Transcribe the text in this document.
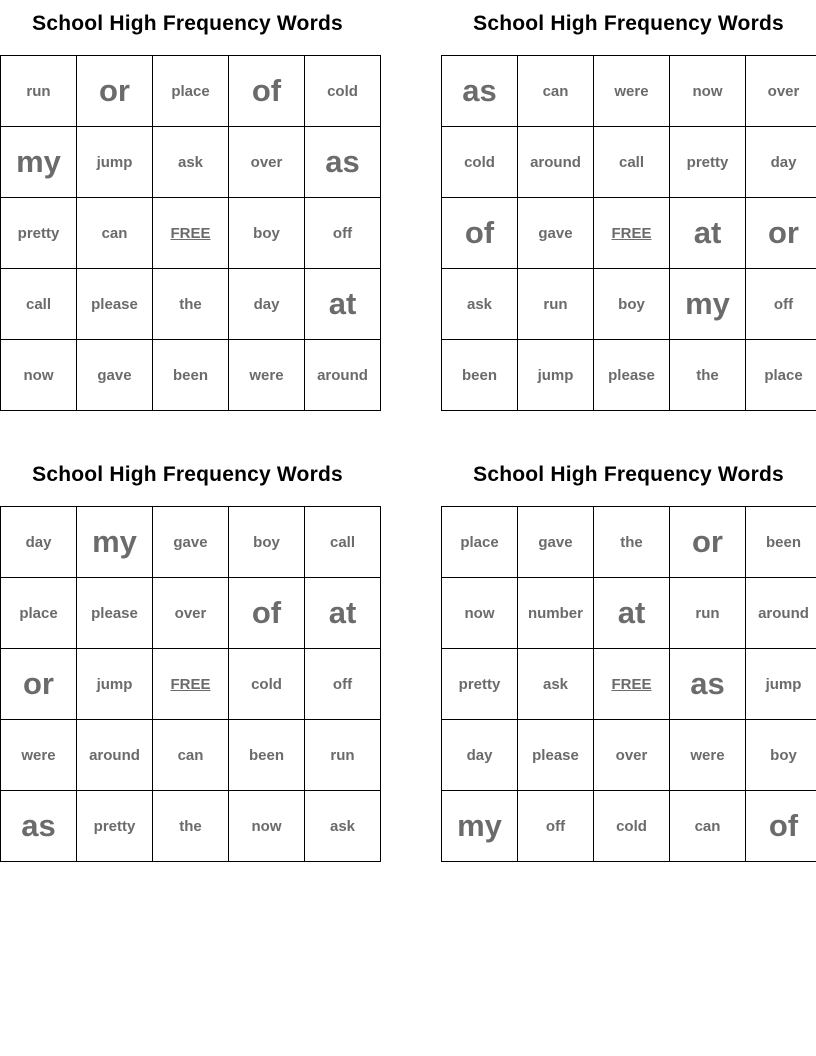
School High Frequency Words
run	or	place	of	cold
my	jump	ask	over	as
pretty	can	FREE	boy	off
call	please	the	day	at
now	gave	been	were	around
School High Frequency Words
as	can	were	now	over
cold	around	call	pretty	day
of	gave	FREE	at	or
ask	run	boy	my	off
been	jump	please	the	place
School High Frequency Words
day	my	gave	boy	call
place	please	over	of	at
or	jump	FREE	cold	off
were	around	can	been	run
as	pretty	the	now	ask
School High Frequency Words
place	gave	the	or	been
now	number	at	run	around
pretty	ask	FREE	as	jump
day	please	over	were	boy
my	off	cold	can	of
